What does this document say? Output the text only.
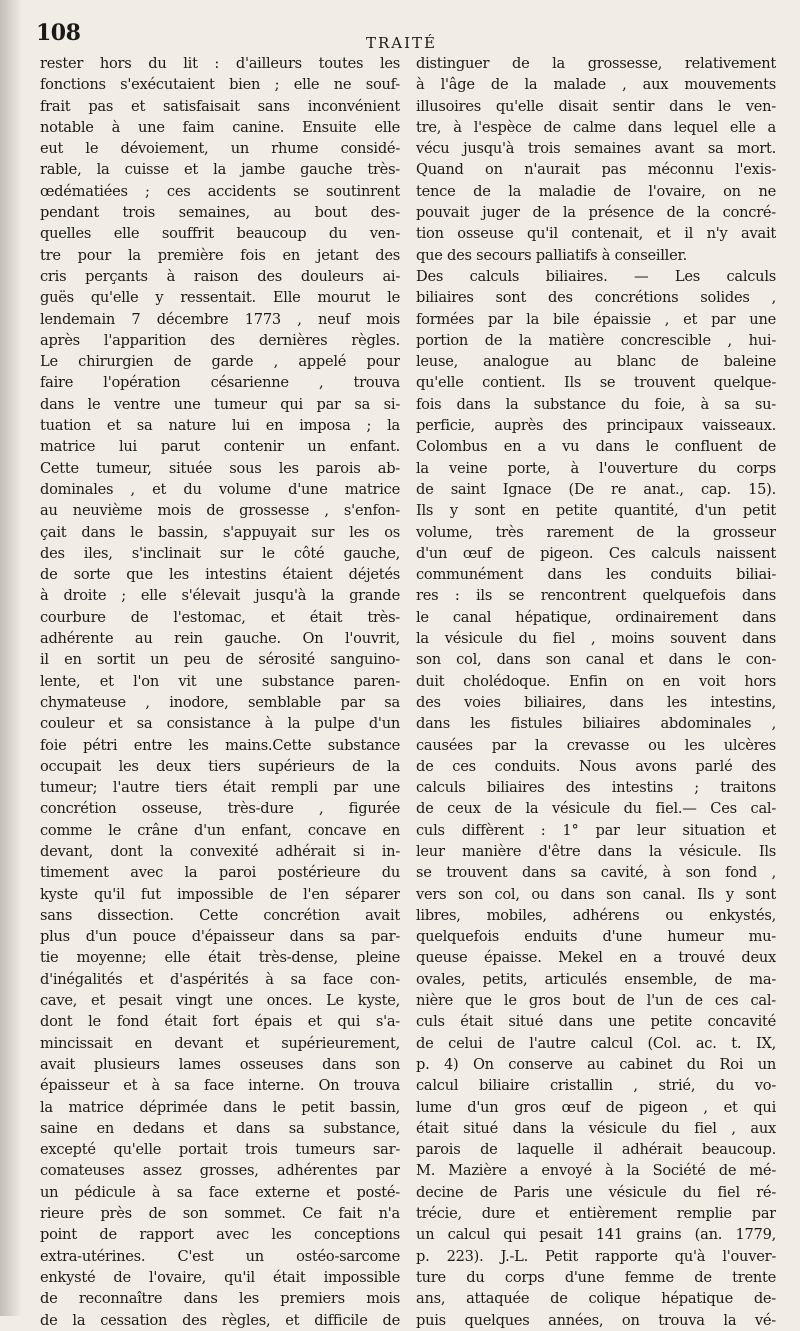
108	TRAITÉ
rester hors du lit : d'ailleurs toutes les
fonctions s'exécutaient bien ; elle ne souf-
frait pas et satisfaisait sans inconvénient
notable à une faim canine. Ensuite elle
eut le dévoiement, un rhume considé-
rable, la cuisse et la jambe gauche très-
œdématiées ; ces accidents se soutinrent
pendant trois semaines, au bout des-
quelles elle souffrit beaucoup du ven-
tre pour la première fois en jetant des
cris perçants à raison des douleurs ai-
guës qu'elle y ressentait. Elle mourut le
lendemain 7 décembre 1773 , neuf mois
après l'apparition des dernières règles.
Le chirurgien de garde , appelé pour
faire l'opération césarienne , trouva
dans le ventre une tumeur qui par sa si-
tuation et sa nature lui en imposa ; la
matrice lui parut contenir un enfant.
Cette tumeur, située sous les parois ab-
dominales , et du volume d'une matrice
au neuvième mois de grossesse , s'enfon-
çait dans le bassin, s'appuyait sur les os
des iles, s'inclinait sur le côté gauche,
de sorte que les intestins étaient déjetés
à droite ; elle s'élevait jusqu'à la grande
courbure de l'estomac, et était très-
adhérente au rein gauche. On l'ouvrit,
il en sortit un peu de sérosité sanguino-
lente, et l'on vit une substance paren-
chymateuse , inodore, semblable par sa
couleur et sa consistance à la pulpe d'un
foie pétri entre les mains.Cette substance
occupait les deux tiers supérieurs de la
tumeur; l'autre tiers était rempli par une
concrétion osseuse, très-dure , figurée
comme le crâne d'un enfant, concave en
devant, dont la convexité adhérait si in-
timement avec la paroi postérieure du
kyste qu'il fut impossible de l'en séparer
sans dissection. Cette concrétion avait
plus d'un pouce d'épaisseur dans sa par-
tie moyenne; elle était très-dense, pleine
d'inégalités et d'aspérités à sa face con-
cave, et pesait vingt une onces. Le kyste,
dont le fond était fort épais et qui s'a-
mincissait en devant et supérieurement,
avait plusieurs lames osseuses dans son
épaisseur et à sa face interne. On trouva
la matrice déprimée dans le petit bassin,
saine en dedans et dans sa substance,
excepté qu'elle portait trois tumeurs sar-
comateuses assez grosses, adhérentes par
un pédicule à sa face externe et posté-
rieure près de son sommet. Ce fait n'a
point de rapport avec les conceptions
extra-utérines. C'est un ostéo-sarcome
enkysté de l'ovaire, qu'il était impossible
de reconnaître dans les premiers mois
de la cessation des règles, et difficile de
distinguer de la grossesse, relativement
à l'âge de la malade , aux mouvements
illusoires qu'elle disait sentir dans le ven-
tre, à l'espèce de calme dans lequel elle a
vécu jusqu'à trois semaines avant sa mort.
Quand on n'aurait pas méconnu l'exis-
tence de la maladie de l'ovaire, on ne
pouvait juger de la présence de la concré-
tion osseuse qu'il contenait, et il n'y avait
que des secours palliatifs à conseiller.
Des calculs biliaires. — Les calculs
biliaires sont des concrétions solides ,
formées par la bile épaissie , et par une
portion de la matière concrescible , hui-
leuse, analogue au blanc de baleine
qu'elle contient. Ils se trouvent quelque-
fois dans la substance du foie, à sa su-
perficie, auprès des principaux vaisseaux.
Colombus en a vu dans le confluent de
la veine porte, à l'ouverture du corps
de saint Ignace (De re anat., cap. 15).
Ils y sont en petite quantité, d'un petit
volume, très rarement de la grosseur
d'un œuf de pigeon. Ces calculs naissent
communément dans les conduits biliai-
res : ils se rencontrent quelquefois dans
le canal hépatique, ordinairement dans
la vésicule du fiel , moins souvent dans
son col, dans son canal et dans le con-
duit cholédoque. Enfin on en voit hors
des voies biliaires, dans les intestins,
dans les fistules biliaires abdominales ,
causées par la crevasse ou les ulcères
de ces conduits. Nous avons parlé des
calculs biliaires des intestins ; traitons
de ceux de la vésicule du fiel.— Ces cal-
culs diffèrent : 1° par leur situation et
leur manière d'être dans la vésicule. Ils
se trouvent dans sa cavité, à son fond ,
vers son col, ou dans son canal. Ils y sont
libres, mobiles, adhérens ou enkystés,
quelquefois enduits d'une humeur mu-
queuse épaisse. Mekel en a trouvé deux
ovales, petits, articulés ensemble, de ma-
nière que le gros bout de l'un de ces cal-
culs était situé dans une petite concavité
de celui de l'autre calcul (Col. ac. t. IX,
p. 4) On conserve au cabinet du Roi un
calcul biliaire cristallin , strié, du vo-
lume d'un gros œuf de pigeon , et qui
était situé dans la vésicule du fiel , aux
parois de laquelle il adhérait beaucoup.
M. Mazière a envoyé à la Société de mé-
decine de Paris une vésicule du fiel ré-
trécie, dure et entièrement remplie par
un calcul qui pesait 141 grains (an. 1779,
p. 223). J.-L. Petit rapporte qu'à l'ouver-
ture du corps d'une femme de trente
ans, attaquée de colique hépatique de-
puis quelques années, on trouva la vé-
